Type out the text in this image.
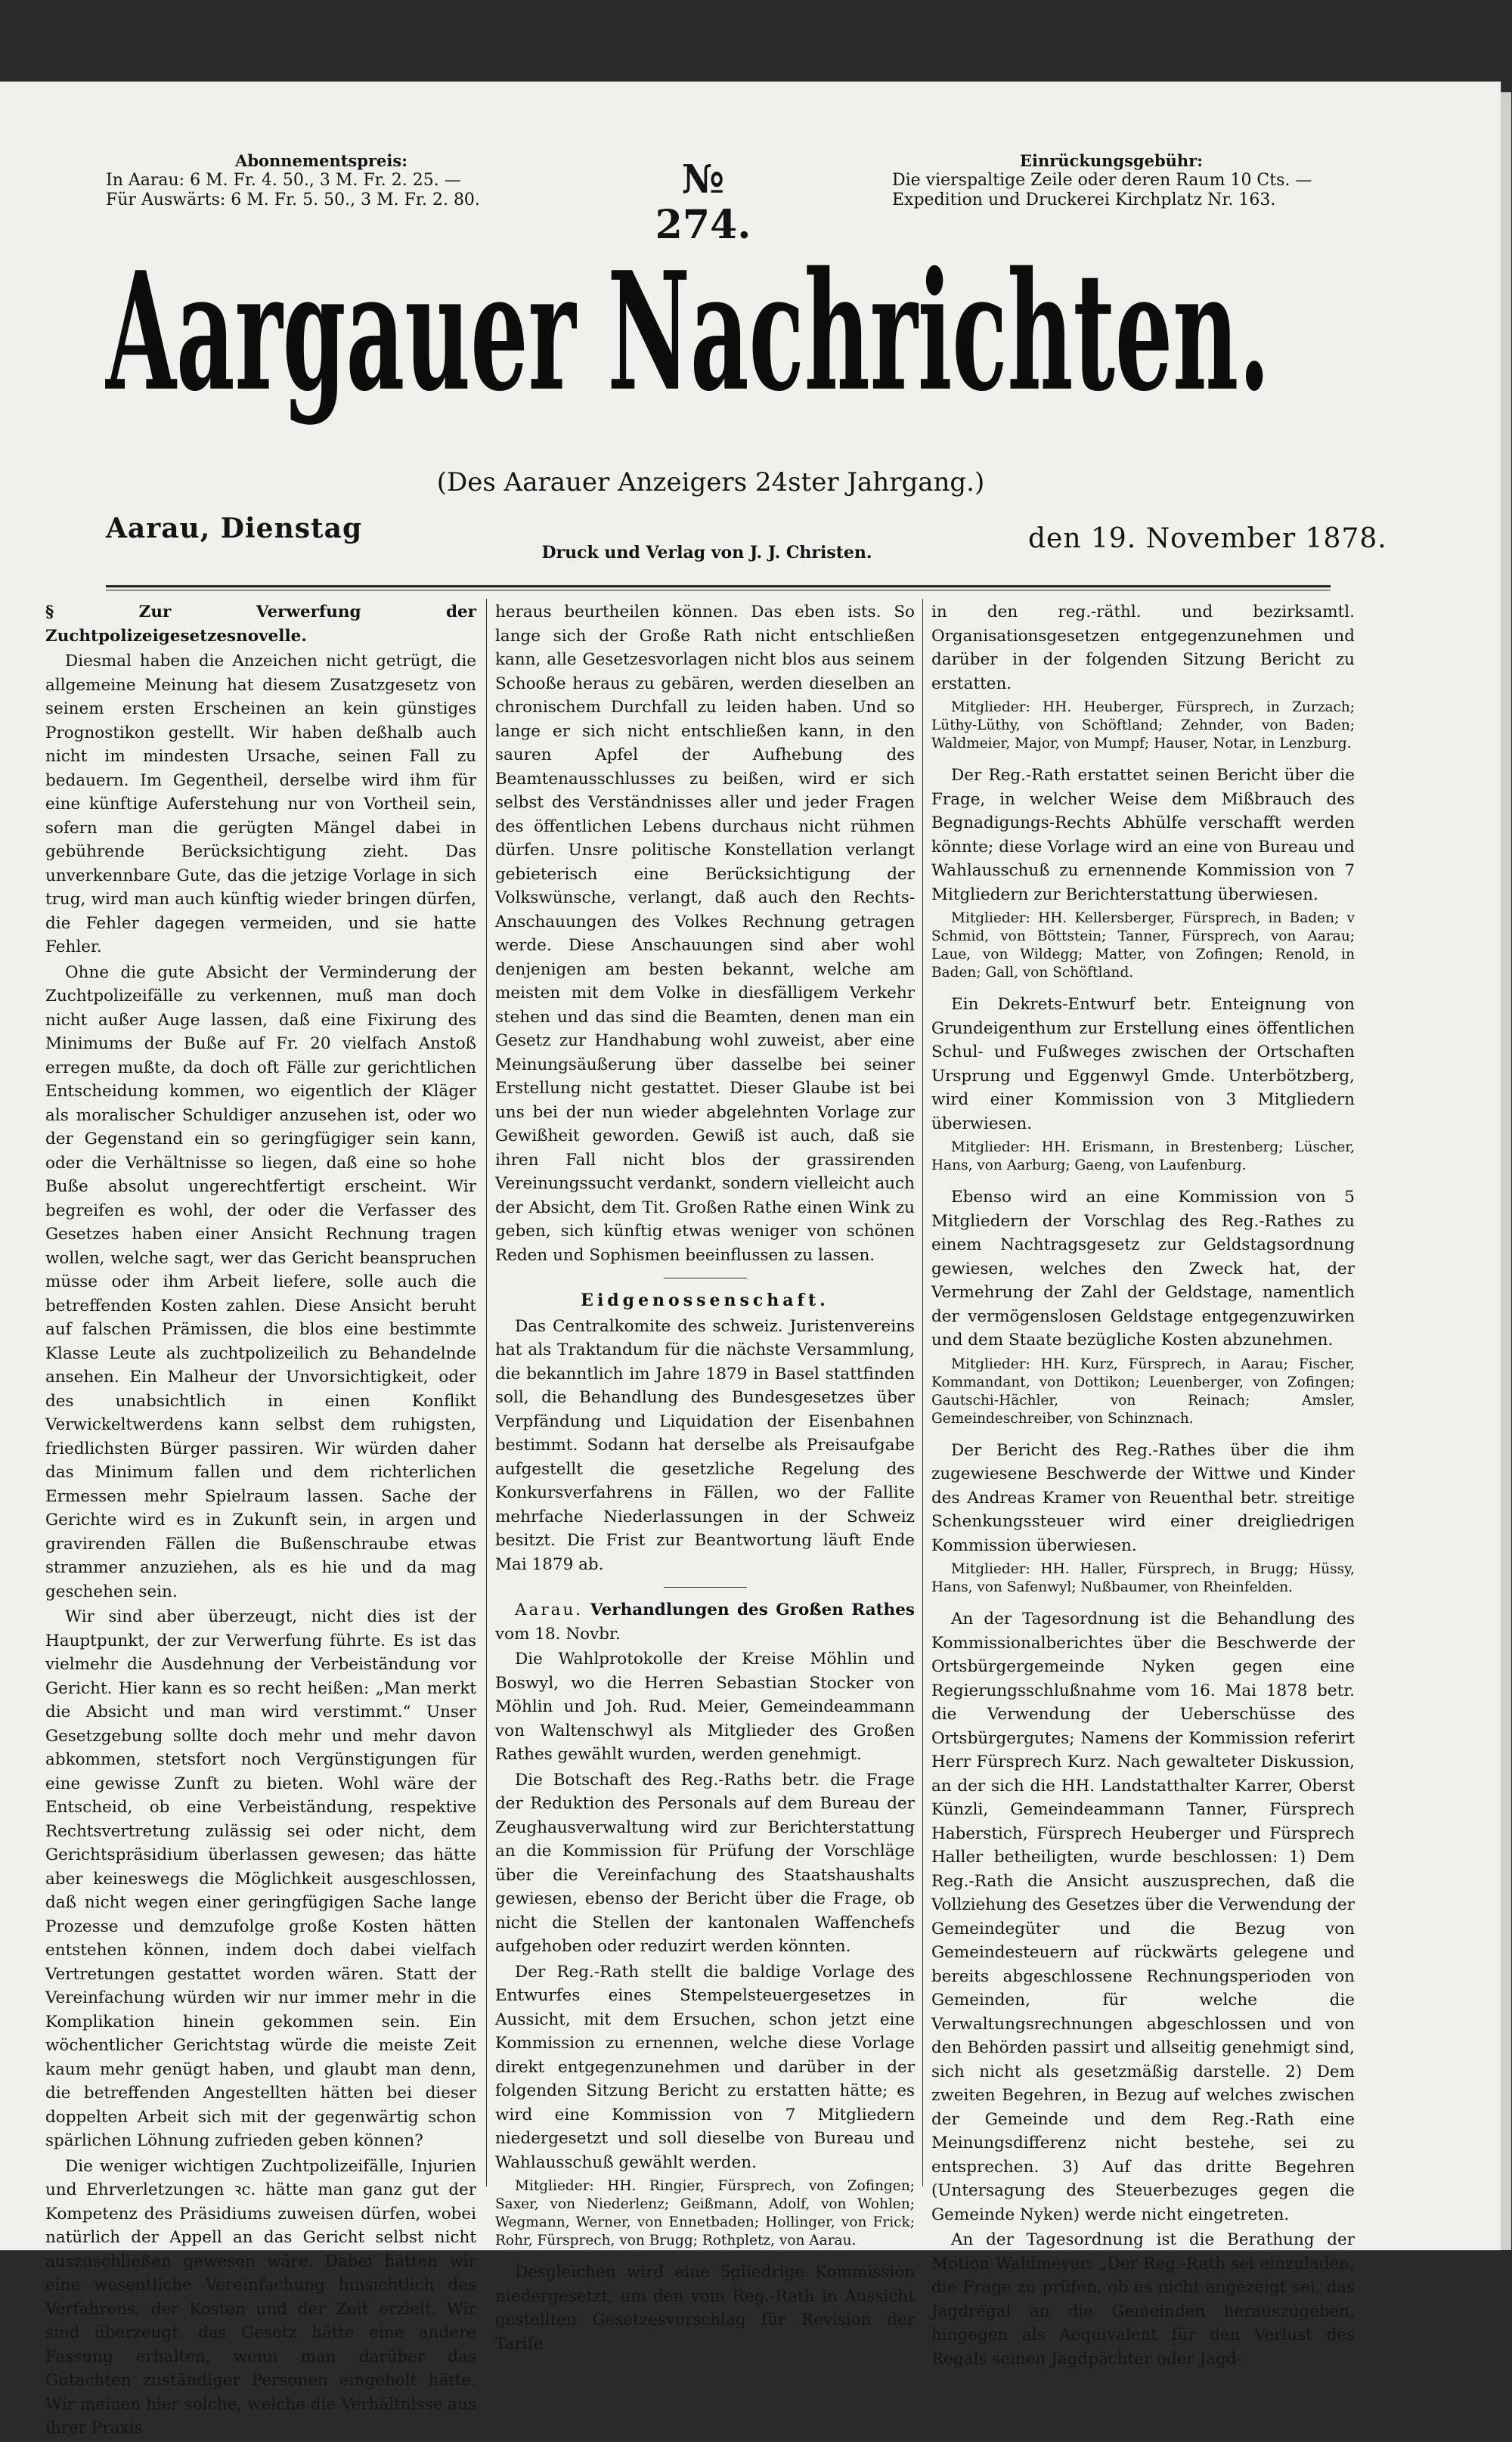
Abonnementspreis:
In Aarau: 6 M. Fr. 4. 50., 3 M. Fr. 2. 25. —
Für Auswärts: 6 M. Fr. 5. 50., 3 M. Fr. 2. 80.	№ 274.
Einrückungsgebühr:
Die vierspaltige Zeile oder deren Raum 10 Cts. —
Expedition und Druckerei Kirchplatz Nr. 163.
Aargauer Nachrichten.
(Des Aarauer Anzeigers 24ster Jahrgang.)
Aarau, Dienstag
Druck und Verlag von J. J. Christen.	den 19. November 1878.

§ Zur Verwerfung der Zuchtpolizeigesetzesnovelle.

Diesmal haben die Anzeichen nicht getrügt, die allgemeine Meinung hat diesem Zusatzgesetz von seinem ersten Erscheinen an kein günstiges Prognostikon gestellt. Wir haben deßhalb auch nicht im mindesten Ursache, seinen Fall zu bedauern. Im Gegentheil, derselbe wird ihm für eine künftige Auferstehung nur von Vortheil sein, sofern man die gerügten Mängel dabei in gebührende Berücksichtigung zieht. Das unverkennbare Gute, das die jetzige Vorlage in sich trug, wird man auch künftig wieder bringen dürfen, die Fehler dagegen vermeiden, und sie hatte Fehler.

Ohne die gute Absicht der Verminderung der Zuchtpolizeifälle zu verkennen, muß man doch nicht außer Auge lassen, daß eine Fixirung des Minimums der Buße auf Fr. 20 vielfach Anstoß erregen mußte, da doch oft Fälle zur gerichtlichen Entscheidung kommen, wo eigentlich der Kläger als moralischer Schuldiger anzusehen ist, oder wo der Gegenstand ein so geringfügiger sein kann, oder die Verhältnisse so liegen, daß eine so hohe Buße absolut ungerechtfertigt erscheint. Wir begreifen es wohl, der oder die Verfasser des Gesetzes haben einer Ansicht Rechnung tragen wollen, welche sagt, wer das Gericht beanspruchen müsse oder ihm Arbeit liefere, solle auch die betreffenden Kosten zahlen. Diese Ansicht beruht auf falschen Prämissen, die blos eine bestimmte Klasse Leute als zuchtpolizeilich zu Behandelnde ansehen. Ein Malheur der Unvorsichtigkeit, oder des unabsichtlich in einen Konflikt Verwickeltwerdens kann selbst dem ruhigsten, friedlichsten Bürger passiren. Wir würden daher das Minimum fallen und dem richterlichen Ermessen mehr Spielraum lassen. Sache der Gerichte wird es in Zukunft sein, in argen und gravirenden Fällen die Bußenschraube etwas strammer anzuziehen, als es hie und da mag geschehen sein.

Wir sind aber überzeugt, nicht dies ist der Hauptpunkt, der zur Verwerfung führte. Es ist das vielmehr die Ausdehnung der Verbeiständung vor Gericht. Hier kann es so recht heißen: „Man merkt die Absicht und man wird verstimmt.“ Unser Gesetzgebung sollte doch mehr und mehr davon abkommen, stetsfort noch Vergünstigungen für eine gewisse Zunft zu bieten. Wohl wäre der Entscheid, ob eine Verbeiständung, respektive Rechtsvertretung zulässig sei oder nicht, dem Gerichtspräsidium überlassen gewesen; das hätte aber keineswegs die Möglichkeit ausgeschlossen, daß nicht wegen einer geringfügigen Sache lange Prozesse und demzufolge große Kosten hätten entstehen können, indem doch dabei vielfach Vertretungen gestattet worden wären. Statt der Vereinfachung würden wir nur immer mehr in die Komplikation hinein gekommen sein. Ein wöchentlicher Gerichtstag würde die meiste Zeit kaum mehr genügt haben, und glaubt man denn, die betreffenden Angestellten hätten bei dieser doppelten Arbeit sich mit der gegenwärtig schon spärlichen Löhnung zufrieden geben können?

Die weniger wichtigen Zuchtpolizeifälle, Injurien und Ehrverletzungen ꝛc. hätte man ganz gut der Kompetenz des Präsidiums zuweisen dürfen, wobei natürlich der Appell an das Gericht selbst nicht auszuschließen gewesen wäre. Dabei hätten wir eine wesentliche Vereinfachung hinsichtlich des Verfahrens, der Kosten und der Zeit erzielt. Wir sind überzeugt, das Gesetz hätte eine andere Fassung erhalten, wenn man darüber das Gutachten zuständiger Personen eingeholt hätte. Wir meinen hier solche, welche die Verhältnisse aus ihrer Praxis

heraus beurtheilen können. Das eben ists. So lange sich der Große Rath nicht entschließen kann, alle Gesetzesvorlagen nicht blos aus seinem Schooße heraus zu gebären, werden dieselben an chronischem Durchfall zu leiden haben. Und so lange er sich nicht entschließen kann, in den sauren Apfel der Aufhebung des Beamtenausschlusses zu beißen, wird er sich selbst des Verständnisses aller und jeder Fragen des öffentlichen Lebens durchaus nicht rühmen dürfen. Unsre politische Konstellation verlangt gebieterisch eine Berücksichtigung der Volkswünsche, verlangt, daß auch den Rechts-Anschauungen des Volkes Rechnung getragen werde. Diese Anschauungen sind aber wohl denjenigen am besten bekannt, welche am meisten mit dem Volke in diesfälligem Verkehr stehen und das sind die Beamten, denen man ein Gesetz zur Handhabung wohl zuweist, aber eine Meinungsäußerung über dasselbe bei seiner Erstellung nicht gestattet. Dieser Glaube ist bei uns bei der nun wieder abgelehnten Vorlage zur Gewißheit geworden. Gewiß ist auch, daß sie ihren Fall nicht blos der grassirenden Vereinungssucht verdankt, sondern vielleicht auch der Absicht, dem Tit. Großen Rathe einen Wink zu geben, sich künftig etwas weniger von schönen Reden und Sophismen beeinflussen zu lassen.

Eidgenossenschaft.

Das Centralkomite des schweiz. Juristenvereins hat als Traktandum für die nächste Versammlung, die bekanntlich im Jahre 1879 in Basel stattfinden soll, die Behandlung des Bundesgesetzes über Verpfändung und Liquidation der Eisenbahnen bestimmt. Sodann hat derselbe als Preisaufgabe aufgestellt die gesetzliche Regelung des Konkursverfahrens in Fällen, wo der Fallite mehrfache Niederlassungen in der Schweiz besitzt. Die Frist zur Beantwortung läuft Ende Mai 1879 ab.

Aarau. Verhandlungen des Großen Rathes vom 18. Novbr.

Die Wahlprotokolle der Kreise Möhlin und Boswyl, wo die Herren Sebastian Stocker von Möhlin und Joh. Rud. Meier, Gemeindeammann von Waltenschwyl als Mitglieder des Großen Rathes gewählt wurden, werden genehmigt.

Die Botschaft des Reg.-Raths betr. die Frage der Reduktion des Personals auf dem Bureau der Zeughausverwaltung wird zur Berichterstattung an die Kommission für Prüfung der Vorschläge über die Vereinfachung des Staatshaushalts gewiesen, ebenso der Bericht über die Frage, ob nicht die Stellen der kantonalen Waffenchefs aufgehoben oder reduzirt werden könnten.

Der Reg.-Rath stellt die baldige Vorlage des Entwurfes eines Stempelsteuergesetzes in Aussicht, mit dem Ersuchen, schon jetzt eine Kommission zu ernennen, welche diese Vorlage direkt entgegenzunehmen und darüber in der folgenden Sitzung Bericht zu erstatten hätte; es wird eine Kommission von 7 Mitgliedern niedergesetzt und soll dieselbe von Bureau und Wahlausschuß gewählt werden.

Mitglieder: HH. Ringier, Fürsprech, von Zofingen; Saxer, von Niederlenz; Geißmann, Adolf, von Wohlen; Wegmann, Werner, von Ennetbaden; Hollinger, von Frick; Rohr, Fürsprech, von Brugg; Rothpletz, von Aarau.

Desgleichen wird eine 5gliedrige Kommission niedergesetzt, um den vom Reg.-Rath in Aussicht gestellten Gesetzesvorschlag für Revision der Tarife

in den reg.-räthl. und bezirksamtl. Organisationsgesetzen entgegenzunehmen und darüber in der folgenden Sitzung Bericht zu erstatten.

Mitglieder: HH. Heuberger, Fürsprech, in Zurzach; Lüthy-Lüthy, von Schöftland; Zehnder, von Baden; Waldmeier, Major, von Mumpf; Hauser, Notar, in Lenzburg.

Der Reg.-Rath erstattet seinen Bericht über die Frage, in welcher Weise dem Mißbrauch des Begnadigungs-Rechts Abhülfe verschafft werden könnte; diese Vorlage wird an eine von Bureau und Wahlausschuß zu ernennende Kommission von 7 Mitgliedern zur Berichterstattung überwiesen.

Mitglieder: HH. Kellersberger, Fürsprech, in Baden; v Schmid, von Böttstein; Tanner, Fürsprech, von Aarau; Laue, von Wildegg; Matter, von Zofingen; Renold, in Baden; Gall, von Schöftland.

Ein Dekrets-Entwurf betr. Enteignung von Grundeigenthum zur Erstellung eines öffentlichen Schul- und Fußweges zwischen der Ortschaften Ursprung und Eggenwyl Gmde. Unterbötzberg, wird einer Kommission von 3 Mitgliedern überwiesen.

Mitglieder: HH. Erismann, in Brestenberg; Lüscher, Hans, von Aarburg; Gaeng, von Laufenburg.

Ebenso wird an eine Kommission von 5 Mitgliedern der Vorschlag des Reg.-Rathes zu einem Nachtragsgesetz zur Geldstagsordnung gewiesen, welches den Zweck hat, der Vermehrung der Zahl der Geldstage, namentlich der vermögenslosen Geldstage entgegenzuwirken und dem Staate bezügliche Kosten abzunehmen.

Mitglieder: HH. Kurz, Fürsprech, in Aarau; Fischer, Kommandant, von Dottikon; Leuenberger, von Zofingen; Gautschi-Hächler, von Reinach; Amsler, Gemeindeschreiber, von Schinznach.

Der Bericht des Reg.-Rathes über die ihm zugewiesene Beschwerde der Wittwe und Kinder des Andreas Kramer von Reuenthal betr. streitige Schenkungssteuer wird einer dreigliedrigen Kommission überwiesen.

Mitglieder: HH. Haller, Fürsprech, in Brugg; Hüssy, Hans, von Safenwyl; Nußbaumer, von Rheinfelden.

An der Tagesordnung ist die Behandlung des Kommissionalberichtes über die Beschwerde der Ortsbürgergemeinde Nyken gegen eine Regierungsschlußnahme vom 16. Mai 1878 betr. die Verwendung der Ueberschüsse des Ortsbürgergutes; Namens der Kommission referirt Herr Fürsprech Kurz. Nach gewalteter Diskussion, an der sich die HH. Landstatthalter Karrer, Oberst Künzli, Gemeindeammann Tanner, Fürsprech Haberstich, Fürsprech Heuberger und Fürsprech Haller betheiligten, wurde beschlossen: 1) Dem Reg.-Rath die Ansicht auszusprechen, daß die Vollziehung des Gesetzes über die Verwendung der Gemeindegüter und die Bezug von Gemeindesteuern auf rückwärts gelegene und bereits abgeschlossene Rechnungsperioden von Gemeinden, für welche die Verwaltungsrechnungen abgeschlossen und von den Behörden passirt und allseitig genehmigt sind, sich nicht als gesetzmäßig darstelle. 2) Dem zweiten Begehren, in Bezug auf welches zwischen der Gemeinde und dem Reg.-Rath eine Meinungsdifferenz nicht bestehe, sei zu entsprechen. 3) Auf das dritte Begehren (Untersagung des Steuerbezuges gegen die Gemeinde Nyken) werde nicht eingetreten.

An der Tagesordnung ist die Berathung der Motion Waldmeyer: „Der Reg.-Rath sei einzuladen, die Frage zu prüfen, ob es nicht angezeigt sei, das Jagdregal an die Gemeinden herauszugeben, hingegen als Aequivalent für den Verlust des Regals seinen Jagdpächter oder Jagd-
